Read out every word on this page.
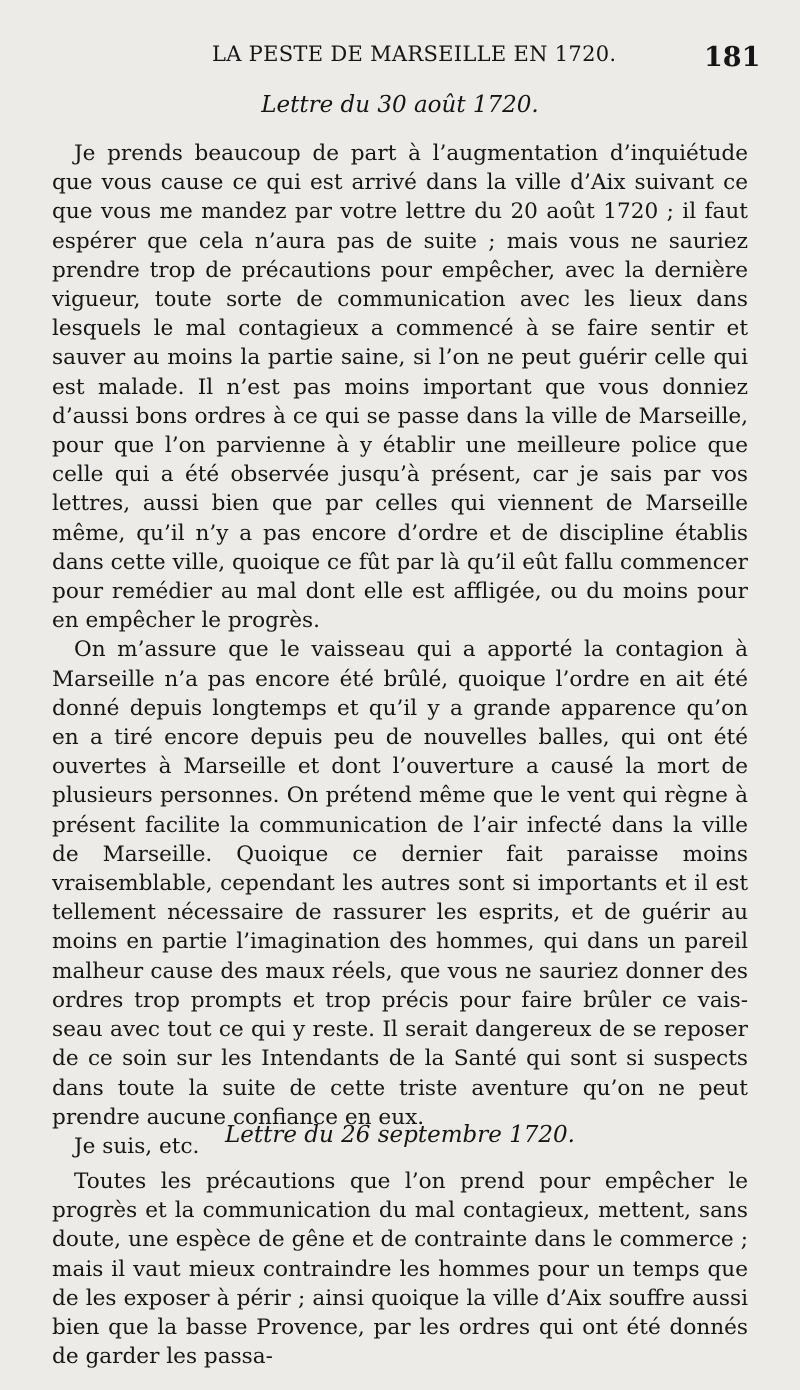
LA PESTE DE MARSEILLE EN 1720.	181
Lettre du 30 août 1720.

Je prends beaucoup de part à l’augmentation d’inquiétude que vous cause ce qui est arrivé dans la ville d’Aix suivant ce que vous me mandez par votre lettre du 20 août 1720 ; il faut espérer que cela n’aura pas de suite ; mais vous ne sauriez prendre trop de précautions pour empêcher, avec la dernière vigueur, toute sorte de communication avec les lieux dans lesquels le mal contagieux a commencé à se faire sentir et sauver au moins la partie saine, si l’on ne peut guérir celle qui est malade. Il n’est pas moins important que vous donniez d’aussi bons ordres à ce qui se passe dans la ville de Marseille, pour que l’on parvienne à y établir une meilleure police que celle qui a été observée jusqu’à présent, car je sais par vos lettres, aussi bien que par celles qui viennent de Marseille même, qu’il n’y a pas encore d’ordre et de discipline établis dans cette ville, quoique ce fût par là qu’il eût fallu commencer pour remédier au mal dont elle est affligée, ou du moins pour en empêcher le progrès.

On m’assure que le vaisseau qui a apporté la contagion à Marseille n’a pas encore été brûlé, quoique l’ordre en ait été donné depuis longtemps et qu’il y a grande apparence qu’on en a tiré encore depuis peu de nouvelles balles, qui ont été ouvertes à Marseille et dont l’ouverture a causé la mort de plusieurs personnes. On prétend même que le vent qui règne à présent facilite la communication de l’air infecté dans la ville de Marseille. Quoique ce dernier fait paraisse moins vraisemblable, cependant les autres sont si importants et il est tellement nécessaire de rassurer les esprits, et de guérir au moins en partie l’imagination des hommes, qui dans un pareil malheur cause des maux réels, que vous ne sauriez donner des ordres trop prompts et trop précis pour faire brûler ce vaisseau avec tout ce qui y reste. Il serait dangereux de se reposer de ce soin sur les Intendants de la Santé qui sont si suspects dans toute la suite de cette triste aventure qu’on ne peut prendre aucune confiance en eux.

Je suis, etc.	Lettre du 26 septembre 1720.

Toutes les précautions que l’on prend pour empêcher le progrès et la communication du mal contagieux, mettent, sans doute, une espèce de gêne et de contrainte dans le commerce ; mais il vaut mieux contraindre les hommes pour un temps que de les exposer à périr ; ainsi quoique la ville d’Aix souffre aussi bien que la basse Provence, par les ordres qui ont été donnés de garder les passa-
